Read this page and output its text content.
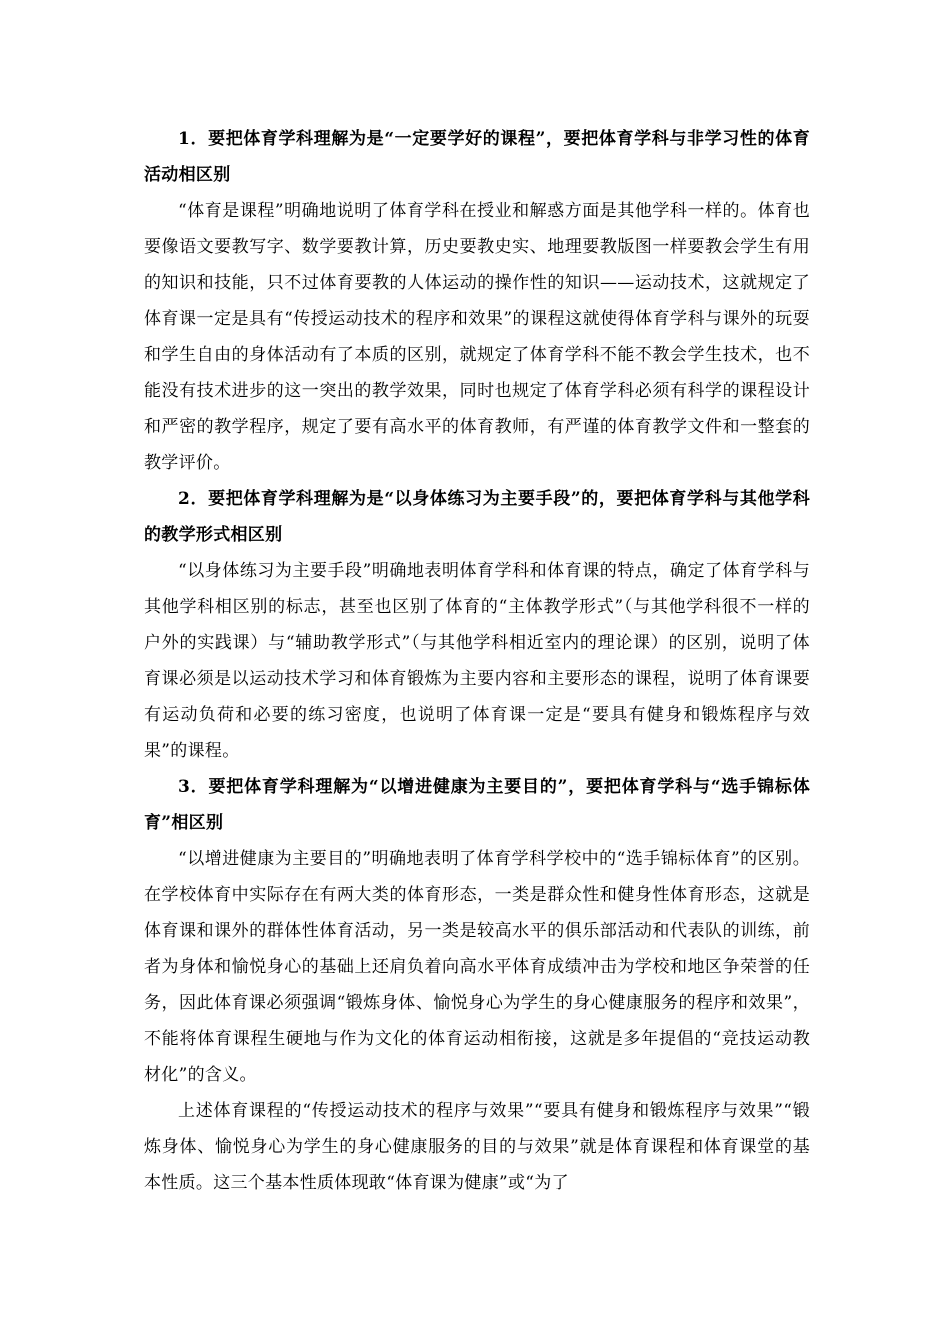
1．要把体育学科理解为是“一定要学好的课程”，要把体育学科与非学习性的体育活动相区别

“体育是课程”明确地说明了体育学科在授业和解惑方面是其他学科一样的。体育也要像语文要教写字、数学要教计算，历史要教史实、地理要教版图一样要教会学生有用的知识和技能，只不过体育要教的人体运动的操作性的知识——运动技术，这就规定了体育课一定是具有“传授运动技术的程序和效果”的课程这就使得体育学科与课外的玩耍和学生自由的身体活动有了本质的区别，就规定了体育学科不能不教会学生技术，也不能没有技术进步的这一突出的教学效果，同时也规定了体育学科必须有科学的课程设计和严密的教学程序，规定了要有高水平的体育教师，有严谨的体育教学文件和一整套的教学评价。

2．要把体育学科理解为是“以身体练习为主要手段”的，要把体育学科与其他学科的教学形式相区别

“以身体练习为主要手段”明确地表明体育学科和体育课的特点，确定了体育学科与其他学科相区别的标志，甚至也区别了体育的“主体教学形式”（与其他学科很不一样的户外的实践课）与“辅助教学形式”（与其他学科相近室内的理论课）的区别，说明了体育课必须是以运动技术学习和体育锻炼为主要内容和主要形态的课程，说明了体育课要有运动负荷和必要的练习密度，也说明了体育课一定是“要具有健身和锻炼程序与效果”的课程。

3．要把体育学科理解为“以增进健康为主要目的”，要把体育学科与“选手锦标体育”相区别

“以增进健康为主要目的”明确地表明了体育学科学校中的“选手锦标体育”的区别。在学校体育中实际存在有两大类的体育形态，一类是群众性和健身性体育形态，这就是体育课和课外的群体性体育活动，另一类是较高水平的俱乐部活动和代表队的训练，前者为身体和愉悦身心的基础上还肩负着向高水平体育成绩冲击为学校和地区争荣誉的任务，因此体育课必须强调“锻炼身体、愉悦身心为学生的身心健康服务的程序和效果”，不能将体育课程生硬地与作为文化的体育运动相衔接，这就是多年提倡的“竞技运动教材化”的含义。

上述体育课程的“传授运动技术的程序与效果”“要具有健身和锻炼程序与效果”“锻炼身体、愉悦身心为学生的身心健康服务的目的与效果”就是体育课程和体育课堂的基本性质。这三个基本性质体现敢“体育课为健康”或“为了
